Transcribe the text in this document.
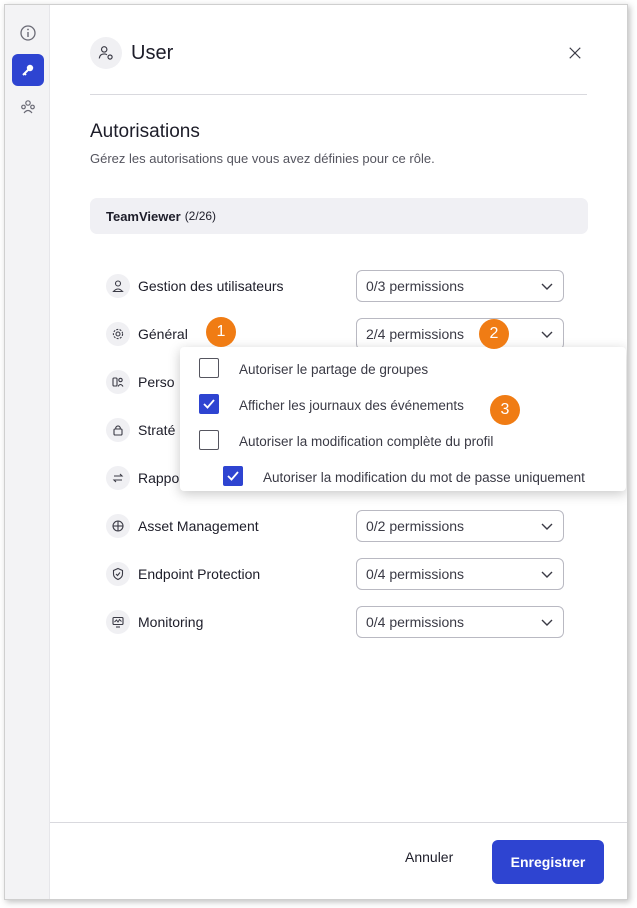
User
Autorisations
Gérez les autorisations que vous avez définies pour ce rôle.
TeamViewer (2/26)
Gestion des utilisateurs	0/3 permissions
Général	2/4 permissions
Perso
Straté
Rappo
Asset Management	0/2 permissions
Endpoint Protection	0/4 permissions
Monitoring	0/4 permissions
Autoriser le partage de groupes
Afficher les journaux des événements
Autoriser la modification complète du profil
Autoriser la modification du mot de passe uniquement
1	2
3
Annuler	Enregistrer
